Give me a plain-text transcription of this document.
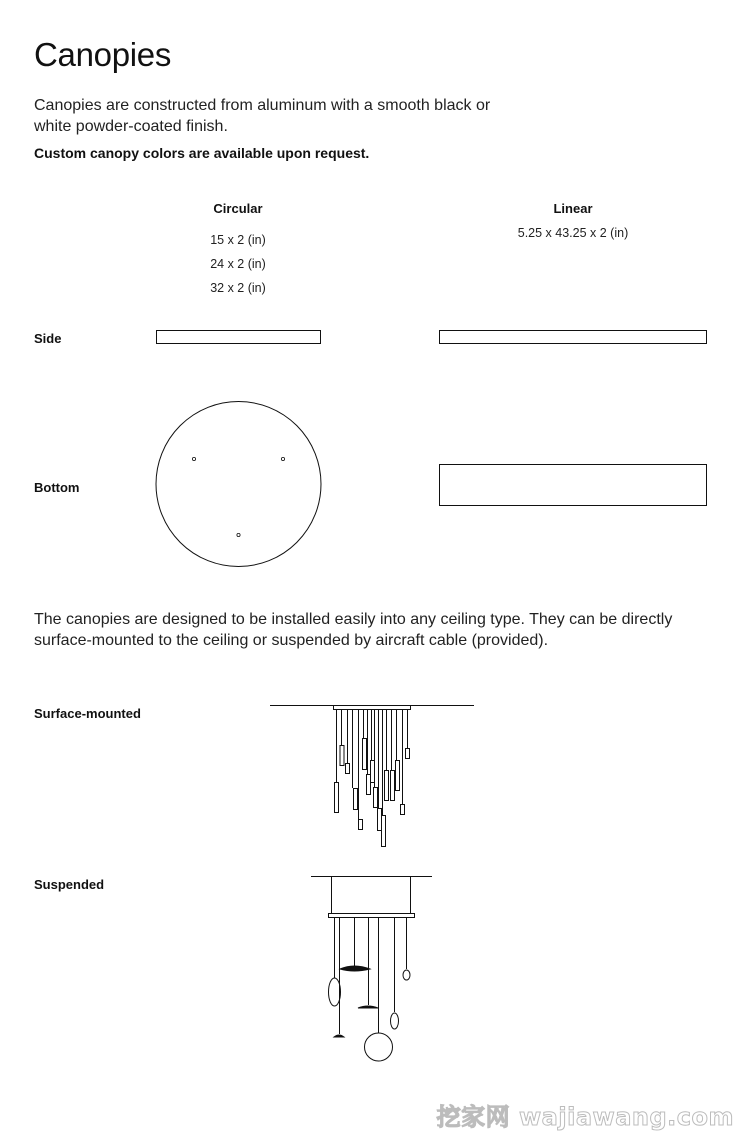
Canopies
Canopies are constructed from aluminum with a smooth black or white powder-coated finish.
Custom canopy colors are available upon request.
Circular	Linear
15 x 2 (in)
24 x 2 (in)
32 x 2 (in)
5.25 x 43.25 x 2 (in)
Side
Bottom
The canopies are designed to be installed easily into any ceiling type. They can be directly surface-mounted to the ceiling or suspended by aircraft cable (provided).
Surface-mounted
Suspended
挖家网 wajiawang.com
